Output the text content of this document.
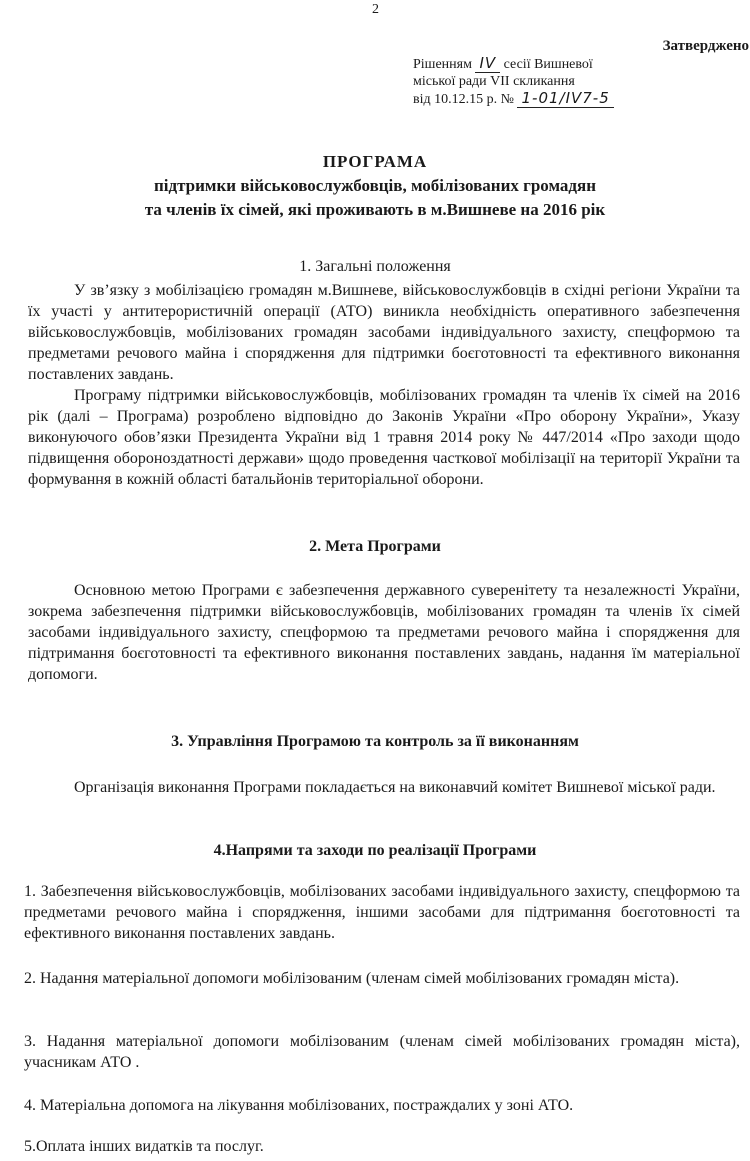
2
Затверджено
Рішенням IV сесії Вишневої
міської ради VII скликання
від 10.12.15 р. № 1-01/IV7-5
ПРОГРАМА
підтримки військовослужбовців, мобілізованих громадян
та членів їх сімей, які проживають в м.Вишневе на 2016 рік
1. Загальні положення
У зв’язку з мобілізацією громадян м.Вишневе, військовослужбовців в східні регіони України та їх участі у антитерористичній операції (АТО) виникла необхідність оперативного забезпечення військовослужбовців, мобілізованих громадян засобами індивідуального захисту, спецформою та предметами речового майна і спорядження для підтримки боєготовності та ефективного виконання поставлених завдань.
Програму підтримки військовослужбовців, мобілізованих громадян та членів їх сімей на 2016 рік (далі – Програма) розроблено відповідно до Законів України «Про оборону України», Указу виконуючого обов’язки Президента України від 1 травня 2014 року № 447/2014 «Про заходи щодо підвищення обороноздатності держави» щодо проведення часткової мобілізації на території України та формування в кожній області батальйонів територіальної оборони.
2. Мета Програми
Основною метою Програми є забезпечення державного суверенітету та незалежності України, зокрема забезпечення підтримки військовослужбовців, мобілізованих громадян та членів їх сімей засобами індивідуального захисту, спецформою та предметами речового майна і спорядження для підтримання боєготовності та ефективного виконання поставлених завдань, надання їм матеріальної допомоги.
3. Управління Програмою та контроль за її виконанням
Організація виконання Програми покладається на виконавчий комітет Вишневої міської ради.
4.Напрями та заходи по реалізації Програми
1. Забезпечення військовослужбовців, мобілізованих засобами індивідуального захисту, спецформою та предметами речового майна і спорядження, іншими засобами для підтримання боєготовності та ефективного виконання поставлених завдань.
2. Надання матеріальної допомоги мобілізованим (членам сімей мобілізованих громадян міста).
3. Надання матеріальної допомоги мобілізованим (членам сімей мобілізованих громадян міста), учасникам АТО .
4. Матеріальна допомога на лікування мобілізованих, постраждалих у зоні АТО.
5.Оплата інших видатків та послуг.
